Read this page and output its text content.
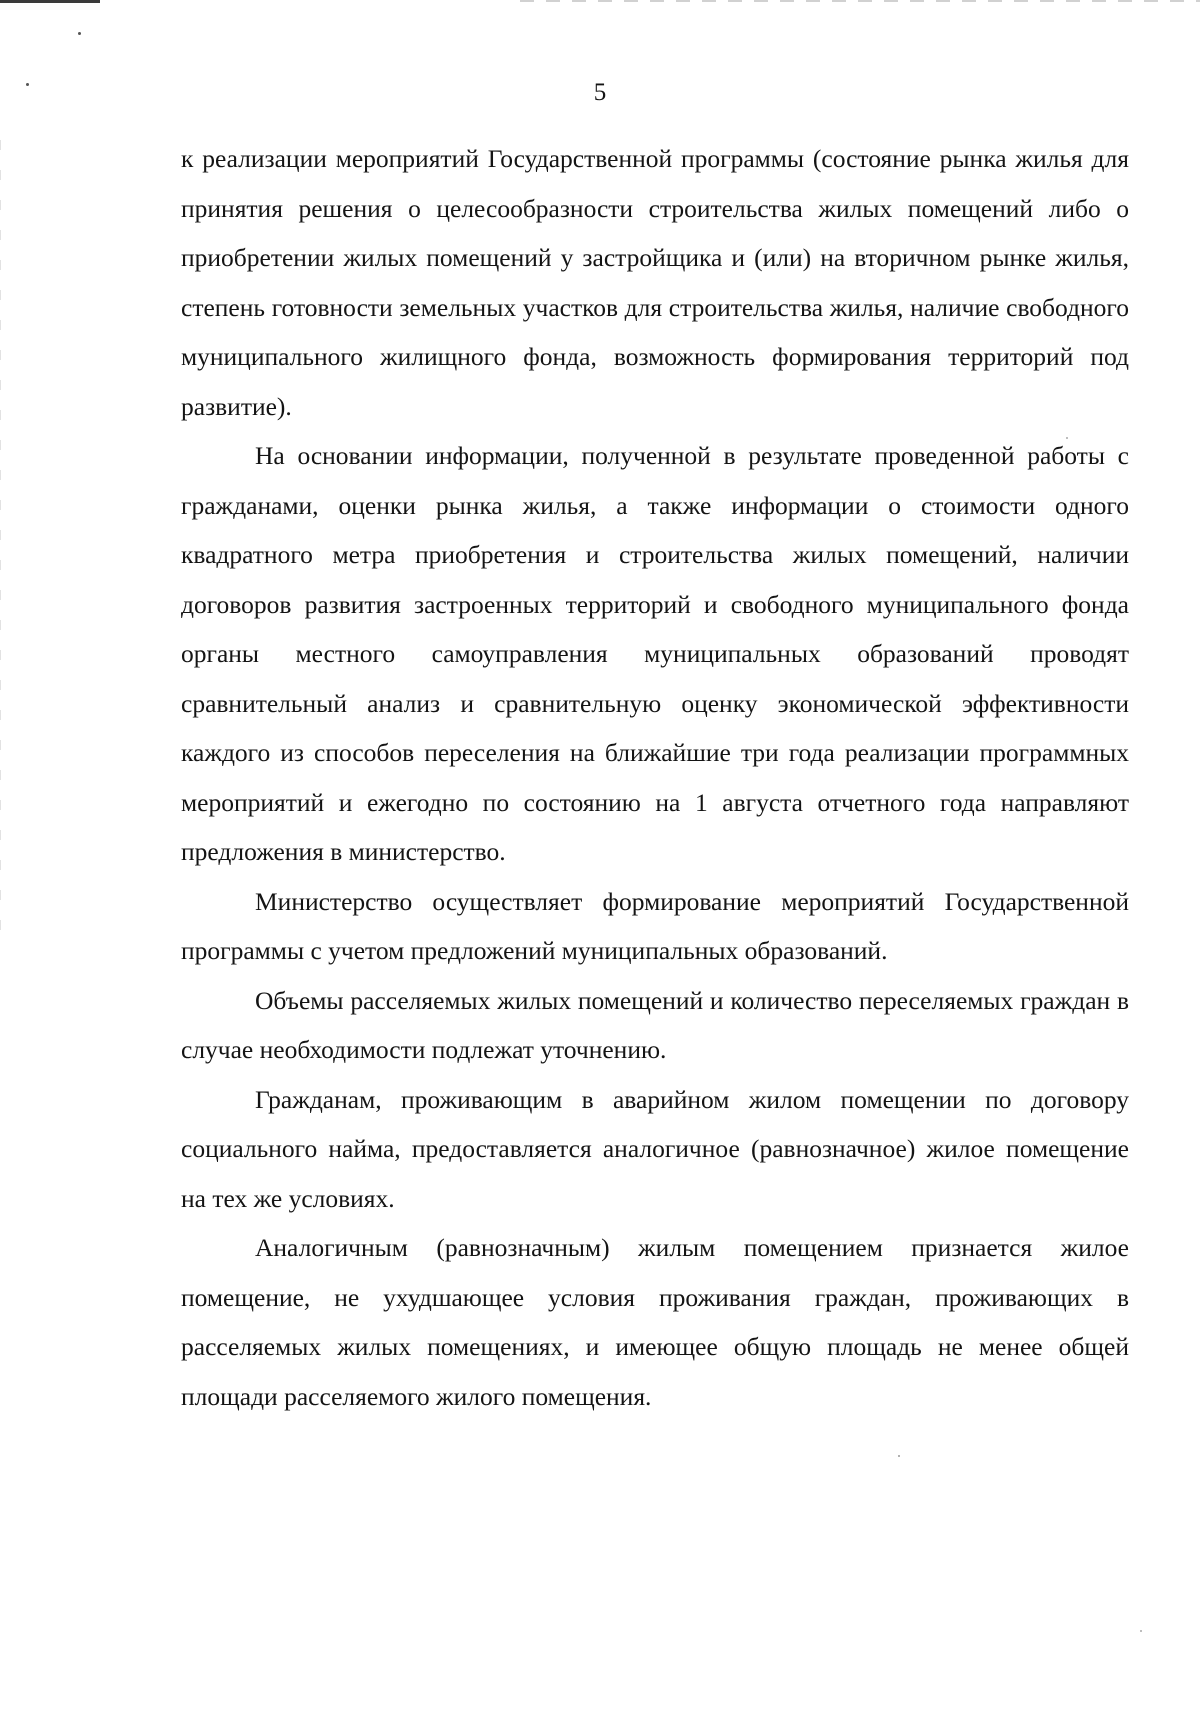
5

к реализации мероприятий Государственной программы (состояние рынка жилья для принятия решения о целесообразности строительства жилых помещений либо о приобретении жилых помещений у застройщика и (или) на вторичном рынке жилья, степень готовности земельных участков для строительства жилья, наличие свободного муниципального жилищного фонда, возможность формирования территорий под развитие).

На основании информации, полученной в результате проведенной работы с гражданами, оценки рынка жилья, а также информации о стоимости одного квадратного метра приобретения и строительства жилых помещений, наличии договоров развития застроенных территорий и свободного муниципального фонда органы местного самоуправления муниципальных образований проводят сравнительный анализ и сравнительную оценку экономической эффективности каждого из способов переселения на ближайшие три года реализации программных мероприятий и ежегодно по состоянию на 1 августа отчетного года направляют предложения в министерство.

Министерство осуществляет формирование мероприятий Государственной программы с учетом предложений муниципальных образований.

Объемы расселяемых жилых помещений и количество переселяемых граждан в случае необходимости подлежат уточнению.

Гражданам, проживающим в аварийном жилом помещении по договору социального найма, предоставляется аналогичное (равнозначное) жилое помещение на тех же условиях.

Аналогичным (равнозначным) жилым помещением признается жилое помещение, не ухудшающее условия проживания граждан, проживающих в расселяемых жилых помещениях, и имеющее общую площадь не менее общей площади расселяемого жилого помещения.
